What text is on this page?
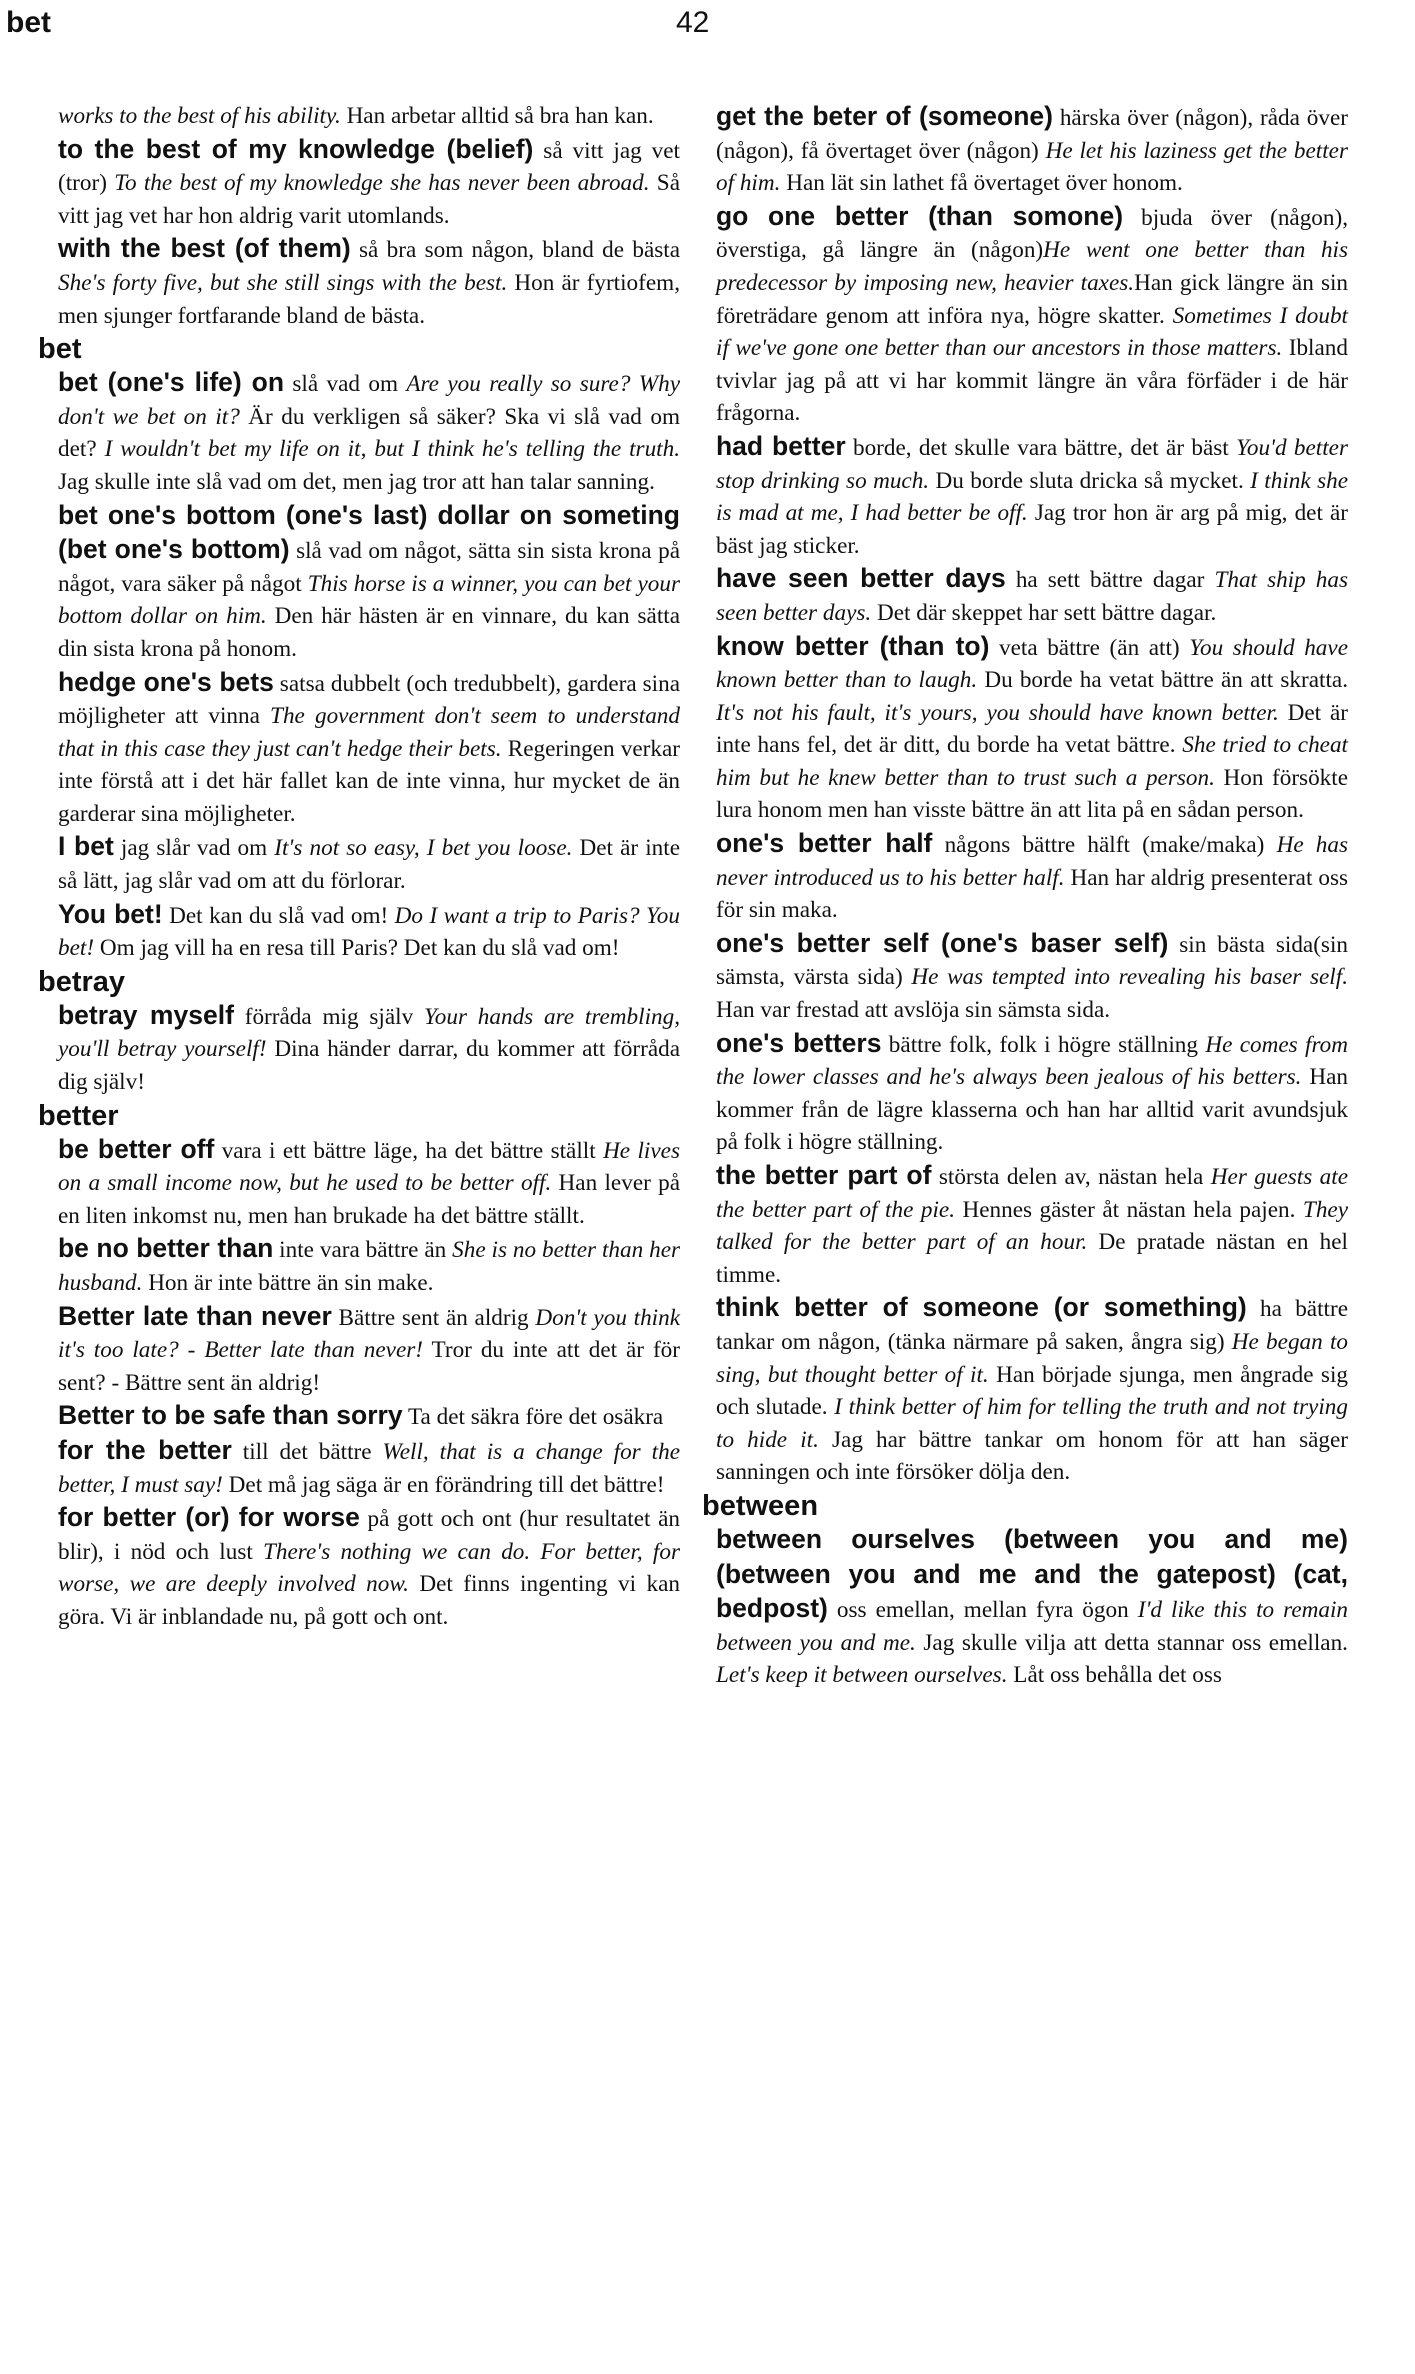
bet	42
works to the best of his ability. Han arbetar alltid så bra han kan.
to the best of my knowledge (belief) så vitt jag vet (tror) To the best of my knowledge she has never been abroad. Så vitt jag vet har hon aldrig varit utomlands.
with the best (of them) så bra som någon, bland de bästa She's forty five, but she still sings with the best. Hon är fyrtiofem, men sjunger fortfarande bland de bästa.
bet
bet (one's life) on slå vad om Are you really so sure? Why don't we bet on it? Är du verkligen så säker? Ska vi slå vad om det? I wouldn't bet my life on it, but I think he's telling the truth. Jag skulle inte slå vad om det, men jag tror att han talar sanning.
bet one's bottom (one's last) dollar on someting (bet one's bottom) slå vad om något, sätta sin sista krona på något, vara säker på något This horse is a winner, you can bet your bottom dollar on him. Den här hästen är en vinnare, du kan sätta din sista krona på honom.
hedge one's bets satsa dubbelt (och tredubbelt), gardera sina möjligheter att vinna The government don't seem to understand that in this case they just can't hedge their bets. Regeringen verkar inte förstå att i det här fallet kan de inte vinna, hur mycket de än garderar sina möjligheter.
I bet jag slår vad om It's not so easy, I bet you loose. Det är inte så lätt, jag slår vad om att du förlorar.
You bet! Det kan du slå vad om! Do I want a trip to Paris? You bet! Om jag vill ha en resa till Paris? Det kan du slå vad om!
betray
betray myself förråda mig själv Your hands are trembling, you'll betray yourself! Dina händer darrar, du kommer att förråda dig själv!
better
be better off vara i ett bättre läge, ha det bättre ställt He lives on a small income now, but he used to be better off. Han lever på en liten inkomst nu, men han brukade ha det bättre ställt.
be no better than inte vara bättre än She is no better than her husband. Hon är inte bättre än sin make.
Better late than never Bättre sent än aldrig Don't you think it's too late? - Better late than never! Tror du inte att det är för sent? - Bättre sent än aldrig!
Better to be safe than sorry Ta det säkra före det osäkra
for the better till det bättre Well, that is a change for the better, I must say! Det må jag säga är en förändring till det bättre!
for better (or) for worse på gott och ont (hur resultatet än blir), i nöd och lust There's nothing we can do. For better, for worse, we are deeply involved now. Det finns ingenting vi kan göra. Vi är inblandade nu, på gott och ont.
get the beter of (someone) härska över (någon), råda över (någon), få övertaget över (någon) He let his laziness get the better of him. Han lät sin lathet få övertaget över honom.
go one better (than somone) bjuda över (någon), överstiga, gå längre än (någon)He went one better than his predecessor by imposing new, heavier taxes.Han gick längre än sin företrädare genom att införa nya, högre skatter. Sometimes I doubt if we've gone one better than our ancestors in those matters. Ibland tvivlar jag på att vi har kommit längre än våra förfäder i de här frågorna.
had better borde, det skulle vara bättre, det är bäst You'd better stop drinking so much. Du borde sluta dricka så mycket. I think she is mad at me, I had better be off. Jag tror hon är arg på mig, det är bäst jag sticker.
have seen better days ha sett bättre dagar That ship has seen better days. Det där skeppet har sett bättre dagar.
know better (than to) veta bättre (än att) You should have known better than to laugh. Du borde ha vetat bättre än att skratta. It's not his fault, it's yours, you should have known better. Det är inte hans fel, det är ditt, du borde ha vetat bättre. She tried to cheat him but he knew better than to trust such a person. Hon försökte lura honom men han visste bättre än att lita på en sådan person.
one's better half någons bättre hälft (make/maka) He has never introduced us to his better half. Han har aldrig presenterat oss för sin maka.
one's better self (one's baser self) sin bästa sida(sin sämsta, värsta sida) He was tempted into revealing his baser self. Han var frestad att avslöja sin sämsta sida.
one's betters bättre folk, folk i högre ställning He comes from the lower classes and he's always been jealous of his betters. Han kommer från de lägre klasserna och han har alltid varit avundsjuk på folk i högre ställning.
the better part of största delen av, nästan hela Her guests ate the better part of the pie. Hennes gäster åt nästan hela pajen. They talked for the better part of an hour. De pratade nästan en hel timme.
think better of someone (or something) ha bättre tankar om någon, (tänka närmare på saken, ångra sig) He began to sing, but thought better of it. Han började sjunga, men ångrade sig och slutade. I think better of him for telling the truth and not trying to hide it. Jag har bättre tankar om honom för att han säger sanningen och inte försöker dölja den.
between
between ourselves (between you and me) (between you and me and the gatepost) (cat, bedpost) oss emellan, mellan fyra ögon I'd like this to remain between you and me. Jag skulle vilja att detta stannar oss emellan. Let's keep it between ourselves. Låt oss behålla det oss
